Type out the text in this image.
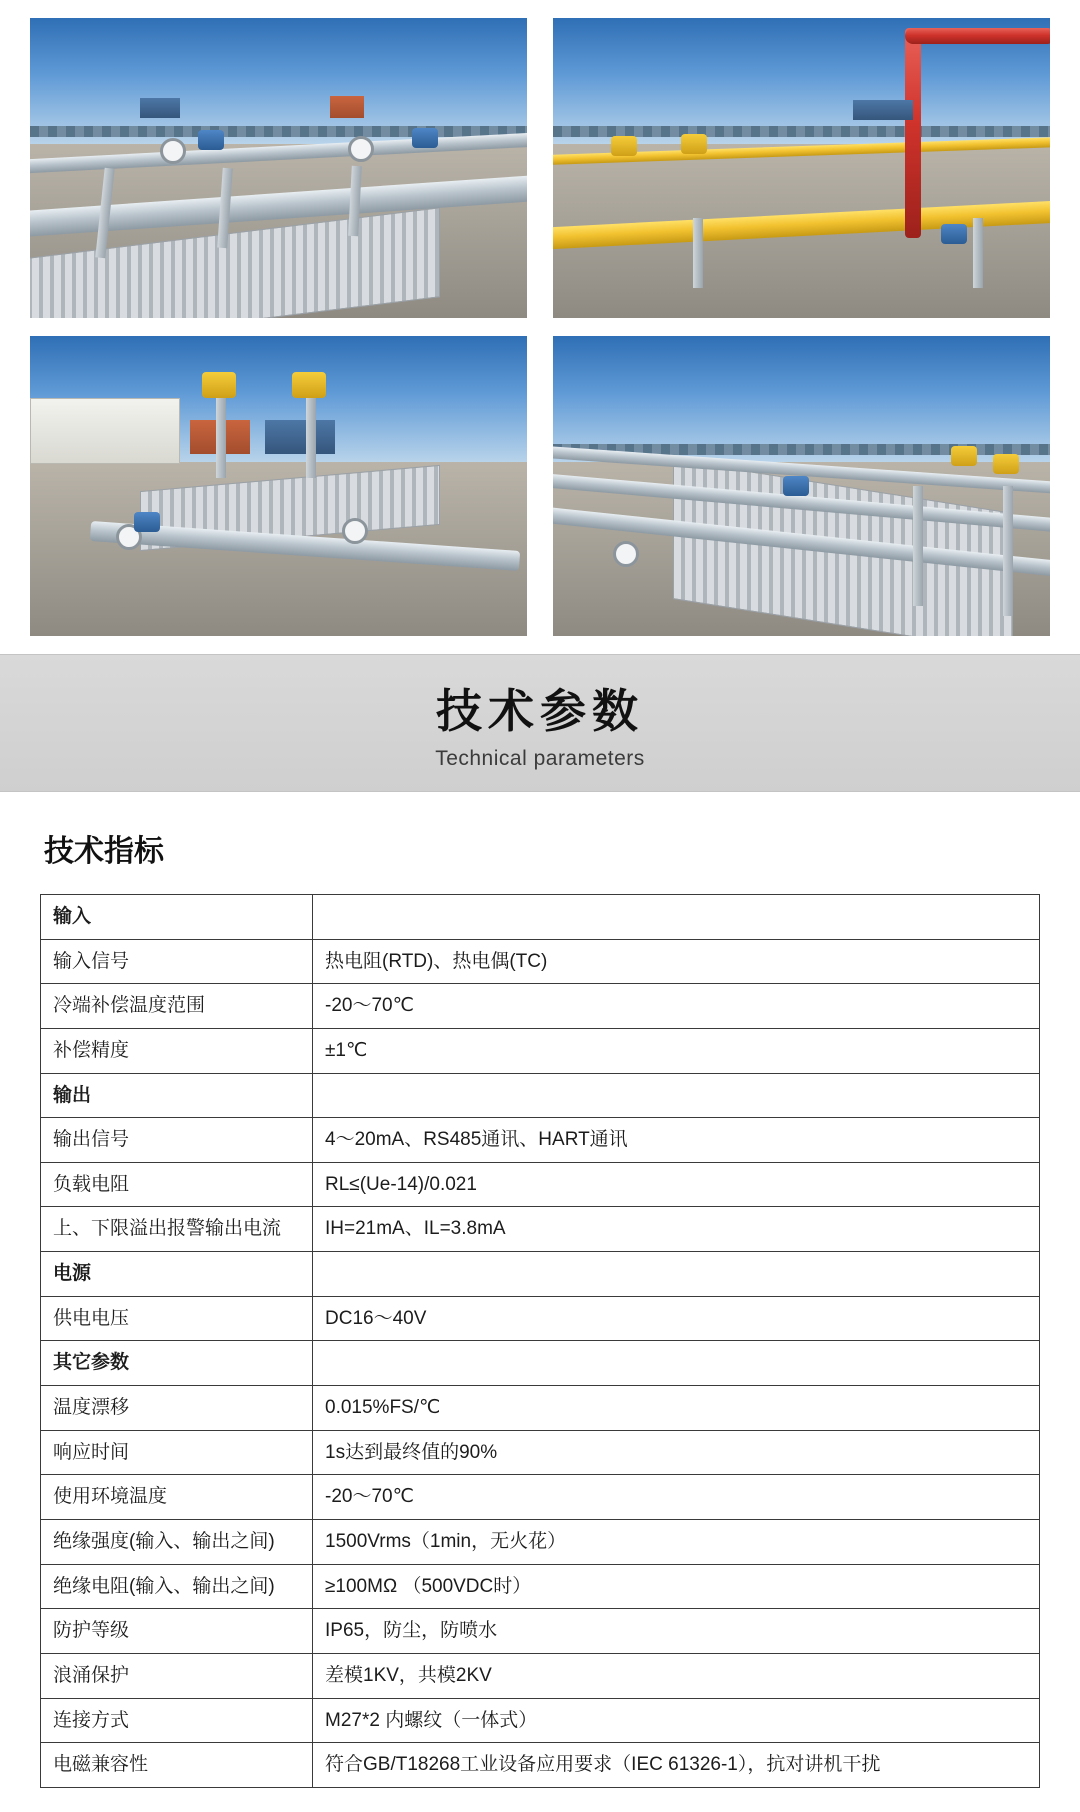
技术参数
Technical parameters
技术指标
输入	
输入信号	热电阻(RTD)、热电偶(TC)
冷端补偿温度范围	-20～70℃
补偿精度	±1℃
输出	
输出信号	4～20mA、RS485通讯、HART通讯
负载电阻	RL≤(Ue-14)/0.021
上、下限溢出报警输出电流	IH=21mA、IL=3.8mA
电源	
供电电压	DC16～40V
其它参数	
温度漂移	0.015%FS/℃
响应时间	1s达到最终值的90%
使用环境温度	-20～70℃
绝缘强度(输入、输出之间)	1500Vrms（1min，无火花）
绝缘电阻(输入、输出之间)	≥100MΩ （500VDC时）
防护等级	IP65，防尘，防喷水
浪涌保护	差模1KV，共模2KV
连接方式	M27*2 内螺纹（一体式）
电磁兼容性	符合GB/T18268工业设备应用要求（IEC 61326-1），抗对讲机干扰
